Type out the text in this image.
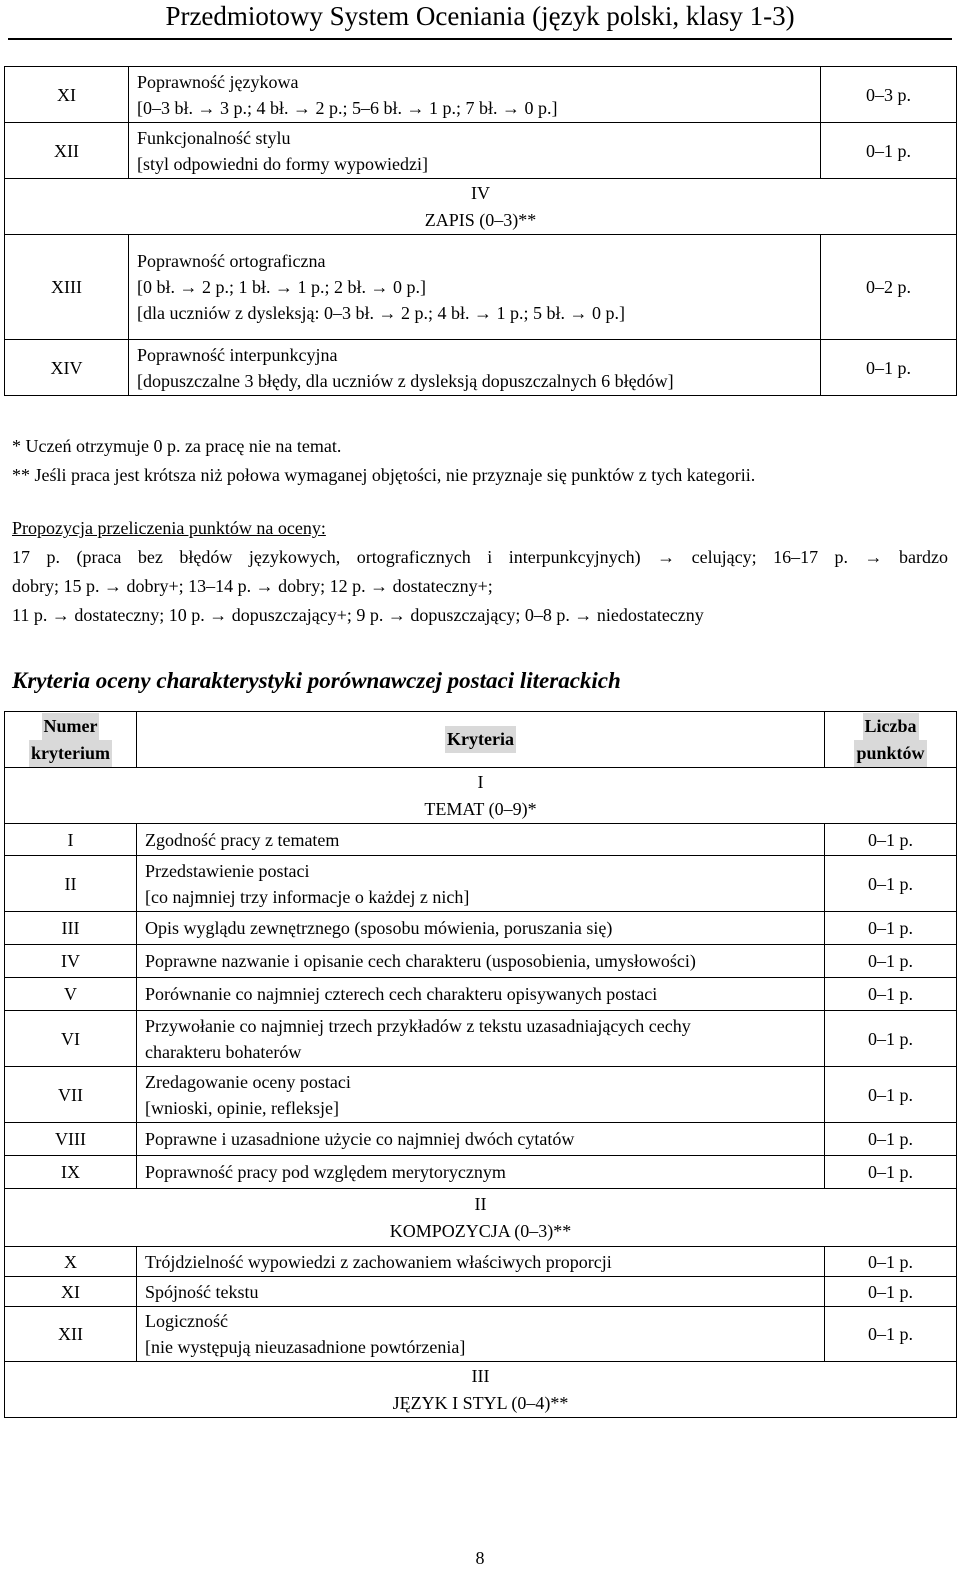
Przedmiotowy System Oceniania (język polski, klasy 1-3)
XI	Poprawność językowa
[0–3 bł. → 3 p.; 4 bł. → 2 p.; 5–6 bł. → 1 p.; 7 bł. → 0 p.]	0–3 p.
XII	Funkcjonalność stylu
[styl odpowiedni do formy wypowiedzi]	0–1 p.

IV
ZAPIS (0–3)**		

XIII	Poprawność ortograficzna
[0 bł. → 2 p.; 1 bł. → 1 p.; 2 bł. → 0 p.]
[dla uczniów z dysleksją: 0–3 bł. → 2 p.; 4 bł. → 1 p.; 5 bł. → 0 p.]	0–2 p.
XIV	Poprawność interpunkcyjna
[dopuszczalne 3 błędy, dla uczniów z dysleksją dopuszczalnych 6 błędów]	0–1 p.
* Uczeń otrzymuje 0 p. za pracę nie na temat.
** Jeśli praca jest krótsza niż połowa wymaganej objętości, nie przyznaje się punktów z tych kategorii.
Propozycja przeliczenia punktów na oceny:
17 p. (praca bez błędów językowych, ortograficznych i interpunkcyjnych) → celujący; 16–17 p. → bardzo
dobry; 15 p. → dobry+; 13–14 p. → dobry; 12 p. → dostateczny+;
11 p. → dostateczny; 10 p. → dopuszczający+; 9 p. → dopuszczający; 0–8 p. → niedostateczny
Kryteria oceny charakterystyki porównawczej postaci literackich
Numer
kryterium	Kryteria	Liczba
punktów

I
TEMAT (0–9)*		

I	Zgodność pracy z tematem	0–1 p.
II	Przedstawienie postaci
[co najmniej trzy informacje o każdej z nich]	0–1 p.
III	Opis wyglądu zewnętrznego (sposobu mówienia, poruszania się)	0–1 p.
IV	Poprawne nazwanie i opisanie cech charakteru (usposobienia, umysłowości)	0–1 p.
V	Porównanie co najmniej czterech cech charakteru opisywanych postaci	0–1 p.
VI	Przywołanie co najmniej trzech przykładów z tekstu uzasadniających cechy
charakteru bohaterów	0–1 p.
VII	Zredagowanie oceny postaci
[wnioski, opinie, refleksje]	0–1 p.
VIII	Poprawne i uzasadnione użycie co najmniej dwóch cytatów	0–1 p.
IX	Poprawność pracy pod względem merytorycznym	0–1 p.

II
KOMPOZYCJA (0–3)**		

X	Trójdzielność wypowiedzi z zachowaniem właściwych proporcji	0–1 p.
XI	Spójność tekstu	0–1 p.
XII	Logiczność
[nie występują nieuzasadnione powtórzenia]	0–1 p.

III
JĘZYK I STYL (0–4)**		
8
